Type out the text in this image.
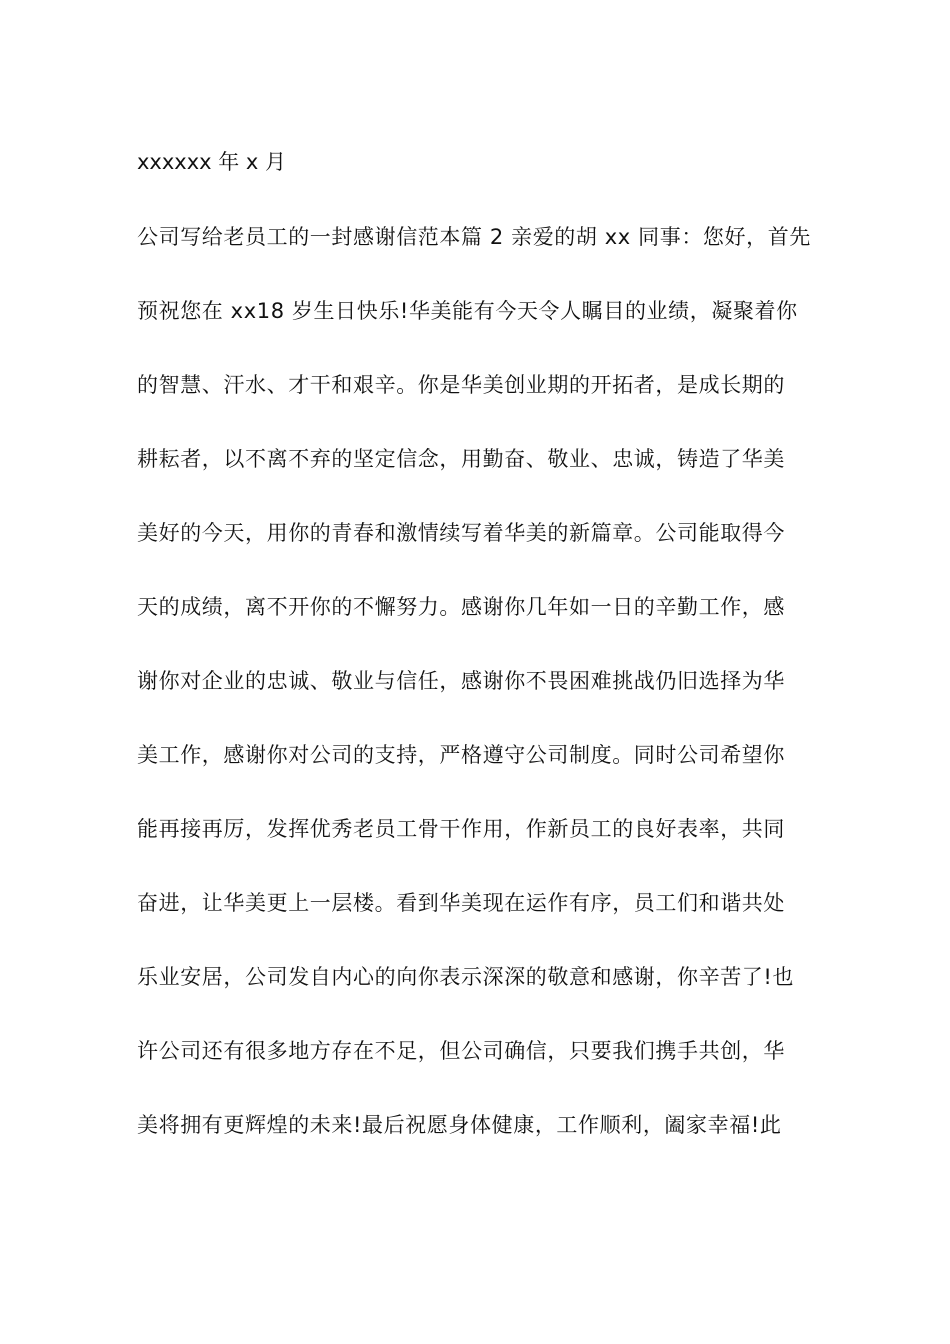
xxxxxx 年 x 月
公司写给老员工的一封感谢信范本篇 2 亲爱的胡 xx 同事：您好，首先
预祝您在 xx18 岁生日快乐!华美能有今天令人瞩目的业绩，凝聚着你
的智慧、汗水、才干和艰辛。你是华美创业期的开拓者，是成长期的
耕耘者，以不离不弃的坚定信念，用勤奋、敬业、忠诚，铸造了华美
美好的今天，用你的青春和激情续写着华美的新篇章。公司能取得今
天的成绩，离不开你的不懈努力。感谢你几年如一日的辛勤工作，感
谢你对企业的忠诚、敬业与信任，感谢你不畏困难挑战仍旧选择为华
美工作，感谢你对公司的支持，严格遵守公司制度。同时公司希望你
能再接再厉，发挥优秀老员工骨干作用，作新员工的良好表率，共同
奋进，让华美更上一层楼。看到华美现在运作有序，员工们和谐共处
乐业安居，公司发自内心的向你表示深深的敬意和感谢，你辛苦了!也
许公司还有很多地方存在不足，但公司确信，只要我们携手共创，华
美将拥有更辉煌的未来!最后祝愿身体健康，工作顺利，阖家幸福!此
